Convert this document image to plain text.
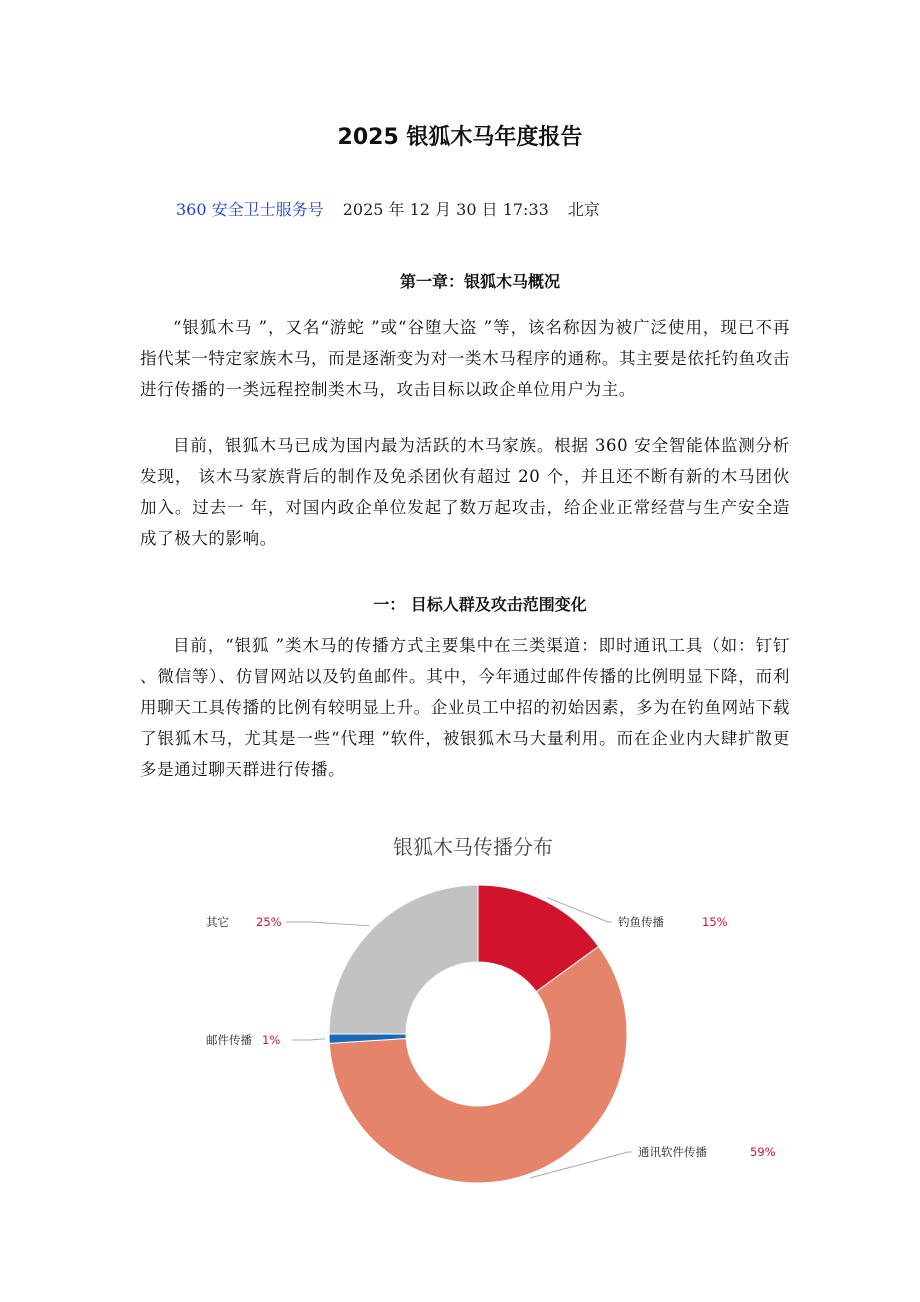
2025 银狐木马年度报告
360 安全卫士服务号 2025 年 12 月 30 日 17:33 北京
第一章：银狐木马概况

“银狐木马 ”，又名“游蛇 ”或“谷堕大盗 ”等，该名称因为被广泛使用，现已不再指代某一特定家族木马，而是逐渐变为对一类木马程序的通称。其主要是依托钓鱼攻击进行传播的一类远程控制类木马，攻击目标以政企单位用户为主。

目前，银狐木马已成为国内最为活跃的木马家族。根据 360 安全智能体监测分析发现， 该木马家族背后的制作及免杀团伙有超过 20 个，并且还不断有新的木马团伙加入。过去一 年，对国内政企单位发起了数万起攻击，给企业正常经营与生产安全造成了极大的影响。

一： 目标人群及攻击范围变化

目前，“银狐 ”类木马的传播方式主要集中在三类渠道：即时通讯工具（如：钉钉 、微信等）、仿冒网站以及钓鱼邮件。其中，今年通过邮件传播的比例明显下降，而利用聊天工具传播的比例有较明显上升。企业员工中招的初始因素，多为在钓鱼网站下载了银狐木马，尤其是一些“代理 ”软件，被银狐木马大量利用。而在企业内大肆扩散更多是通过聊天群进行传播。

银狐木马传播分布
钓鱼传播	15%
通讯软件传播	59%
邮件传播 1%
其它 25%
